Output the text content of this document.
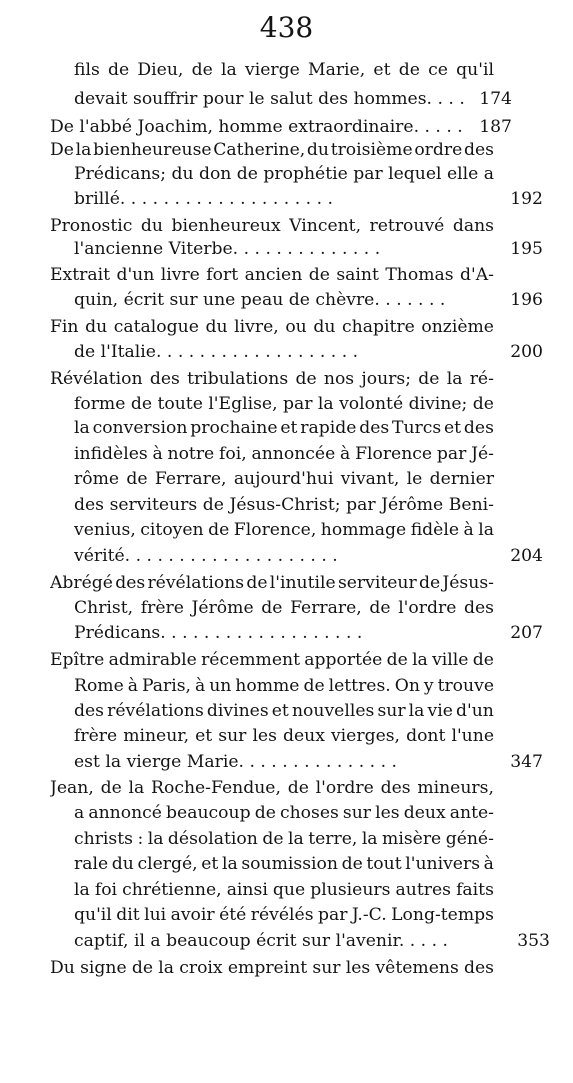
438
fils de Dieu, de la vierge Marie, et de ce qu'il
devait souffrir pour le salut des hommes. . . . 174
De l'abbé Joachim, homme extraordinaire. . . . . 187
De la bienheureuse Catherine, du troisième ordre des
Prédicans; du don de prophétie par lequel elle a
brillé. . . . . . . . . . . . . . . . . . . .	192
Pronostic du bienheureux Vincent, retrouvé dans
l'ancienne Viterbe. . . . . . . . . . . . . .	195
Extrait d'un livre fort ancien de saint Thomas d'A-
quin, écrit sur une peau de chèvre. . . . . . .	196
Fin du catalogue du livre, ou du chapitre onzième
de l'Italie. . . . . . . . . . . . . . . . . . .	200
Révélation des tribulations de nos jours; de la ré-
forme de toute l'Eglise, par la volonté divine; de
la conversion prochaine et rapide des Turcs et des
infidèles à notre foi, annoncée à Florence par Jé-
rôme de Ferrare, aujourd'hui vivant, le dernier
des serviteurs de Jésus-Christ; par Jérôme Beni-
venius, citoyen de Florence, hommage fidèle à la
vérité. . . . . . . . . . . . . . . . . . . .	204
Abrégé des révélations de l'inutile serviteur de Jésus-
Christ, frère Jérôme de Ferrare, de l'ordre des
Prédicans. . . . . . . . . . . . . . . . . . .	207
Epître admirable récemment apportée de la ville de
Rome à Paris, à un homme de lettres. On y trouve
des révélations divines et nouvelles sur la vie d'un
frère mineur, et sur les deux vierges, dont l'une
est la vierge Marie. . . . . . . . . . . . . . .	347
Jean, de la Roche-Fendue, de l'ordre des mineurs,
a annoncé beaucoup de choses sur les deux ante-
christs : la désolation de la terre, la misère géné-
rale du clergé, et la soumission de tout l'univers à
la foi chrétienne, ainsi que plusieurs autres faits
qu'il dit lui avoir été révélés par J.-C. Long-temps
captif, il a beaucoup écrit sur l'avenir. . . . .	353
Du signe de la croix empreint sur les vêtemens des
